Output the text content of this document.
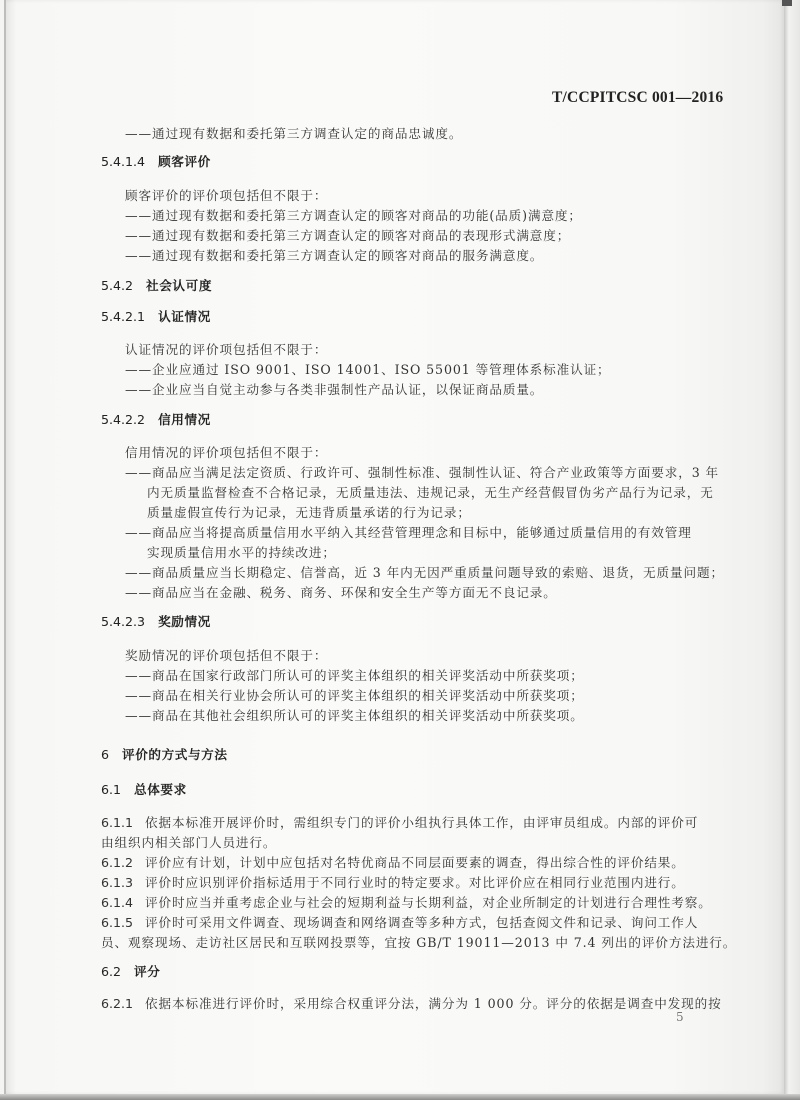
T/CCPITCSC 001—2016
——通过现有数据和委托第三方调查认定的商品忠诚度。
5.4.1.4 顾客评价
顾客评价的评价项包括但不限于：
——通过现有数据和委托第三方调查认定的顾客对商品的功能(品质)满意度；
——通过现有数据和委托第三方调查认定的顾客对商品的表现形式满意度；
——通过现有数据和委托第三方调查认定的顾客对商品的服务满意度。
5.4.2 社会认可度
5.4.2.1 认证情况
认证情况的评价项包括但不限于：
——企业应通过 ISO 9001、ISO 14001、ISO 55001 等管理体系标准认证；
——企业应当自觉主动参与各类非强制性产品认证，以保证商品质量。
5.4.2.2 信用情况
信用情况的评价项包括但不限于：
——商品应当满足法定资质、行政许可、强制性标准、强制性认证、符合产业政策等方面要求，3 年
内无质量监督检查不合格记录，无质量违法、违规记录，无生产经营假冒伪劣产品行为记录，无
质量虚假宣传行为记录，无违背质量承诺的行为记录；
——商品应当将提高质量信用水平纳入其经营管理理念和目标中，能够通过质量信用的有效管理
实现质量信用水平的持续改进；
——商品质量应当长期稳定、信誉高，近 3 年内无因严重质量问题导致的索赔、退货，无质量问题；
——商品应当在金融、税务、商务、环保和安全生产等方面无不良记录。
5.4.2.3 奖励情况
奖励情况的评价项包括但不限于：
——商品在国家行政部门所认可的评奖主体组织的相关评奖活动中所获奖项；
——商品在相关行业协会所认可的评奖主体组织的相关评奖活动中所获奖项；
——商品在其他社会组织所认可的评奖主体组织的相关评奖活动中所获奖项。
6 评价的方式与方法
6.1 总体要求
6.1.1 依据本标准开展评价时，需组织专门的评价小组执行具体工作，由评审员组成。内部的评价可
由组织内相关部门人员进行。
6.1.2 评价应有计划，计划中应包括对名特优商品不同层面要素的调查，得出综合性的评价结果。
6.1.3 评价时应识别评价指标适用于不同行业时的特定要求。对比评价应在相同行业范围内进行。
6.1.4 评价时应当并重考虑企业与社会的短期利益与长期利益，对企业所制定的计划进行合理性考察。
6.1.5 评价时可采用文件调查、现场调查和网络调查等多种方式，包括查阅文件和记录、询问工作人
员、观察现场、走访社区居民和互联网投票等，宜按 GB/T 19011—2013 中 7.4 列出的评价方法进行。
6.2 评分
6.2.1 依据本标准进行评价时，采用综合权重评分法，满分为 1 000 分。评分的依据是调查中发现的按
5
